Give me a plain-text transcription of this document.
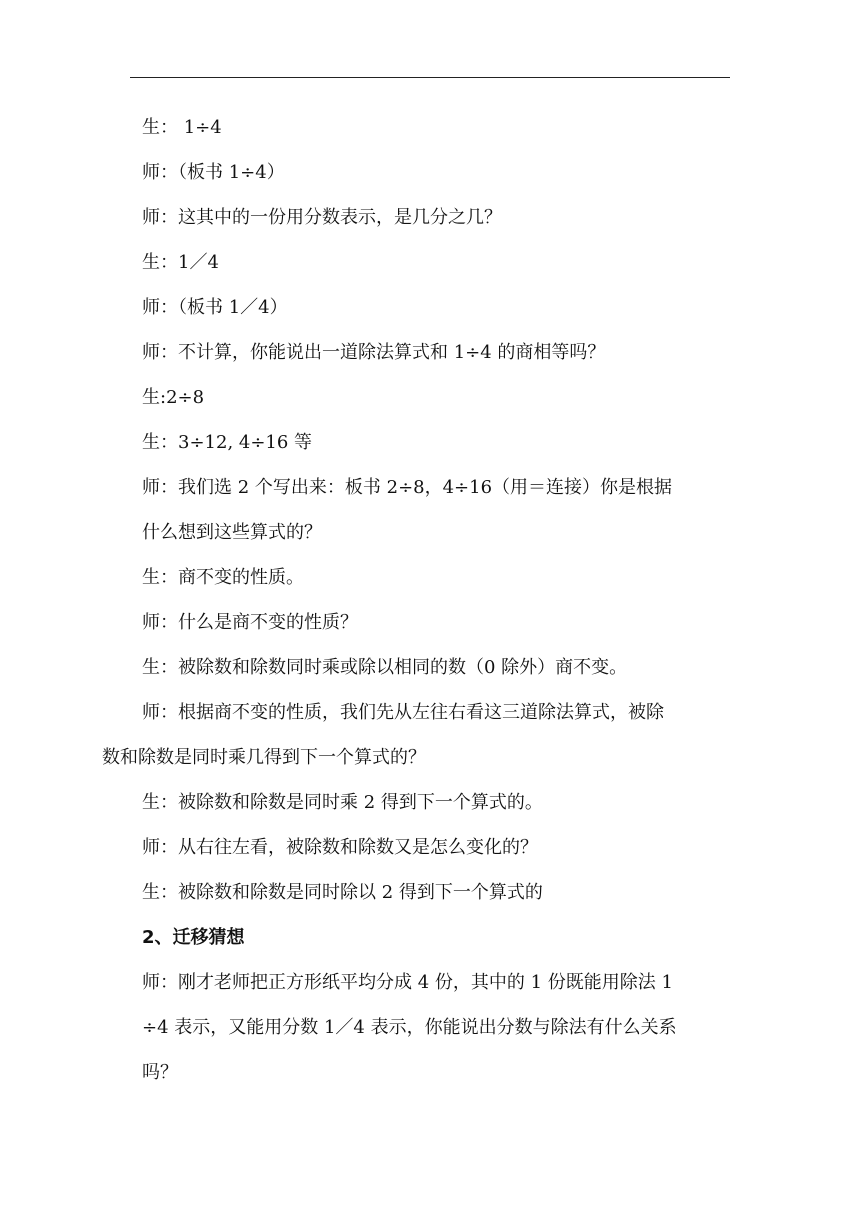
生： 1÷4
师：（板书 1÷4）
师：这其中的一份用分数表示，是几分之几？
生：1／4
师：（板书 1／4）
师：不计算，你能说出一道除法算式和 1÷4 的商相等吗？
生:2÷8
生：3÷12, 4÷16 等
师：我们选 2 个写出来：板书 2÷8，4÷16（用＝连接）你是根据
什么想到这些算式的？
生：商不变的性质。
师：什么是商不变的性质？
生：被除数和除数同时乘或除以相同的数（0 除外）商不变。
师：根据商不变的性质，我们先从左往右看这三道除法算式，被除
数和除数是同时乘几得到下一个算式的？
生：被除数和除数是同时乘 2 得到下一个算式的。
师：从右往左看，被除数和除数又是怎么变化的？
生：被除数和除数是同时除以 2 得到下一个算式的
2、迁移猜想
师：刚才老师把正方形纸平均分成 4 份，其中的 1 份既能用除法 1
÷4 表示，又能用分数 1／4 表示，你能说出分数与除法有什么关系
吗？
